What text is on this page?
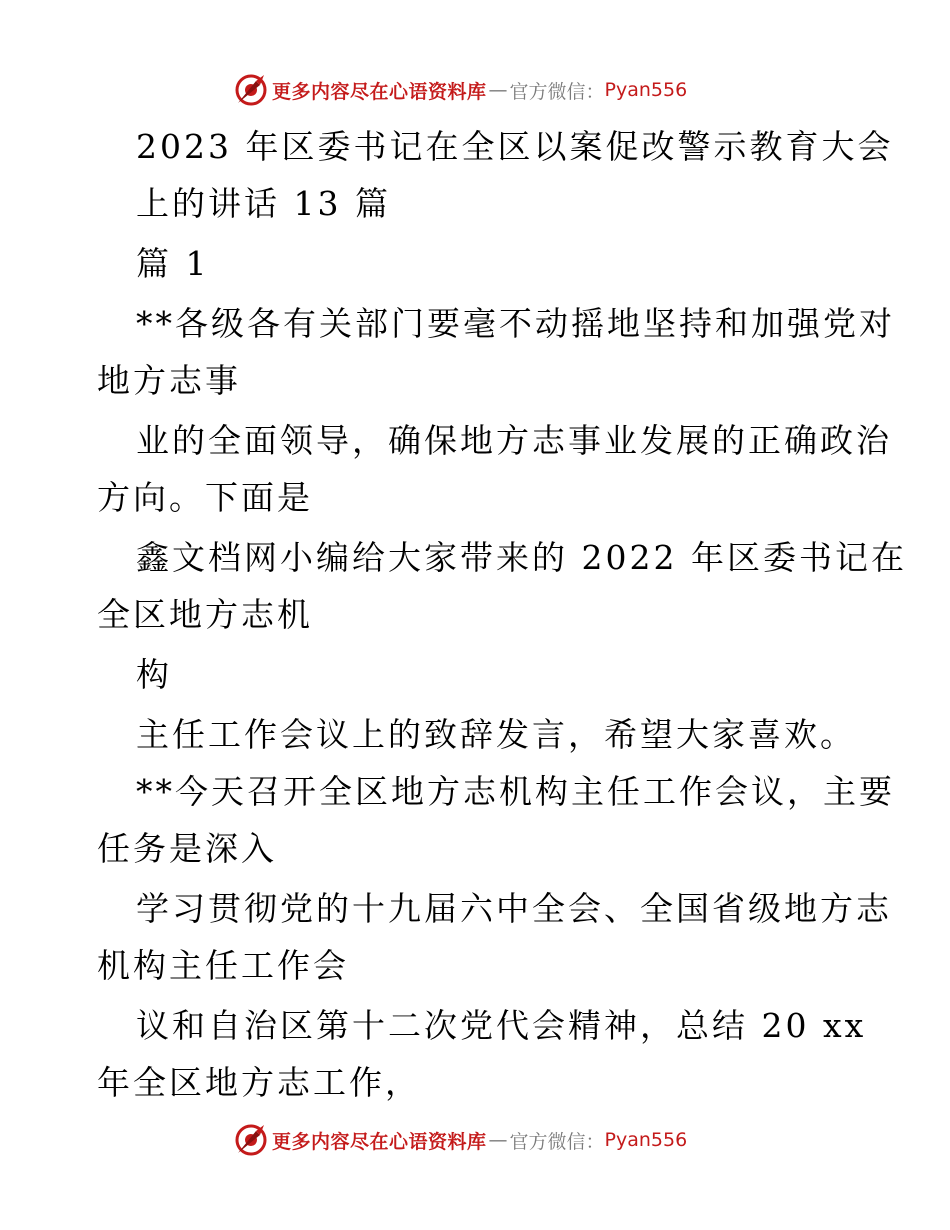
更多内容尽在心语资料库 — 官方微信： Pyan556
2023 年区委书记在全区以案促改警示教育大会
上的讲话 13 篇
篇 1
**各级各有关部门要毫不动摇地坚持和加强党对
地方志事
业的全面领导，确保地方志事业发展的正确政治
方向。下面是
鑫文档网小编给大家带来的 2022 年区委书记在
全区地方志机
构
主任工作会议上的致辞发言，希望大家喜欢。
**今天召开全区地方志机构主任工作会议，主要
任务是深入
学习贯彻党的十九届六中全会、全国省级地方志
机构主任工作会
议和自治区第十二次党代会精神，总结 20 xx
年全区地方志工作，
更多内容尽在心语资料库 — 官方微信： Pyan556
